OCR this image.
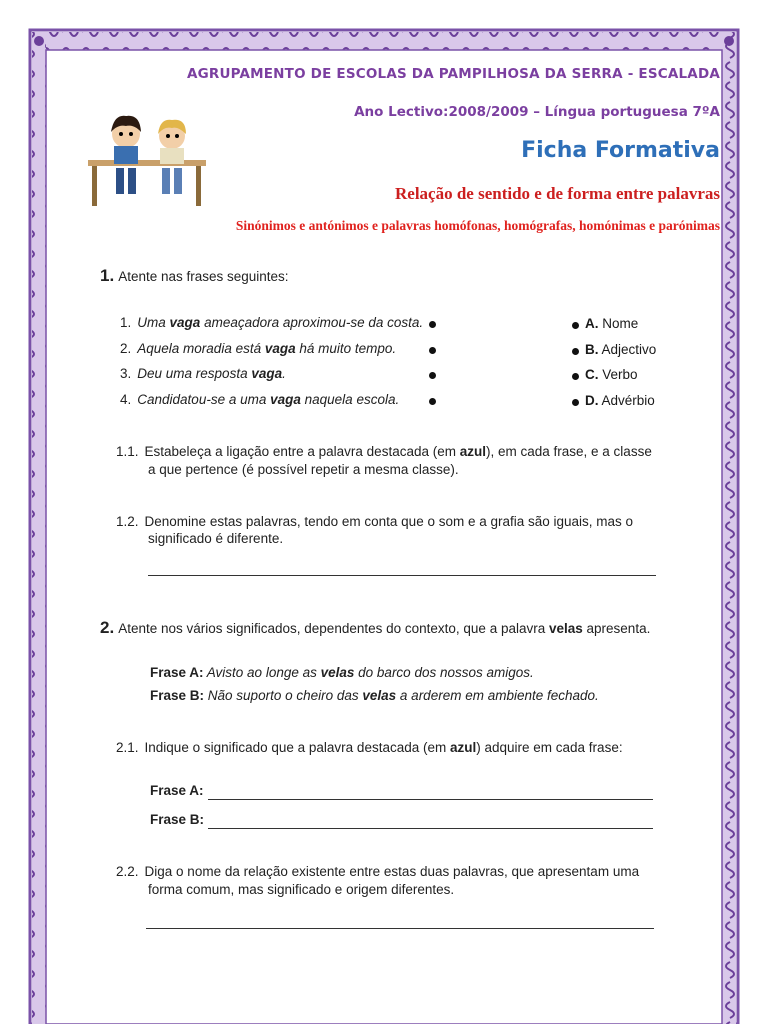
AGRUPAMENTO DE ESCOLAS DA PAMPILHOSA DA SERRA - ESCALADA
Ano Lectivo:2008/2009 – Língua portuguesa 7ºA
Ficha Formativa
Relação de sentido e de forma entre palavras
Sinónimos e antónimos e palavras homófonas, homógrafas, homónimas e parónimas
1. Atente nas frases seguintes:
1. Uma vaga ameaçadora aproximou-se da costa.
2. Aquela moradia está vaga há muito tempo.
3. Deu uma resposta vaga.
4. Candidatou-se a uma vaga naquela escola.
A. Nome
B. Adjectivo
C. Verbo
D. Advérbio
1.1. Estabeleça a ligação entre a palavra destacada (em azul), em cada frase, e a classe
a que pertence (é possível repetir a mesma classe).
1.2. Denomine estas palavras, tendo em conta que o som e a grafia são iguais, mas o
significado é diferente.
2. Atente nos vários significados, dependentes do contexto, que a palavra velas apresenta.
Frase A: Avisto ao longe as velas do barco dos nossos amigos.
Frase B: Não suporto o cheiro das velas a arderem em ambiente fechado.
2.1. Indique o significado que a palavra destacada (em azul) adquire em cada frase:
Frase A:
Frase B:
2.2. Diga o nome da relação existente entre estas duas palavras, que apresentam uma
forma comum, mas significado e origem diferentes.
